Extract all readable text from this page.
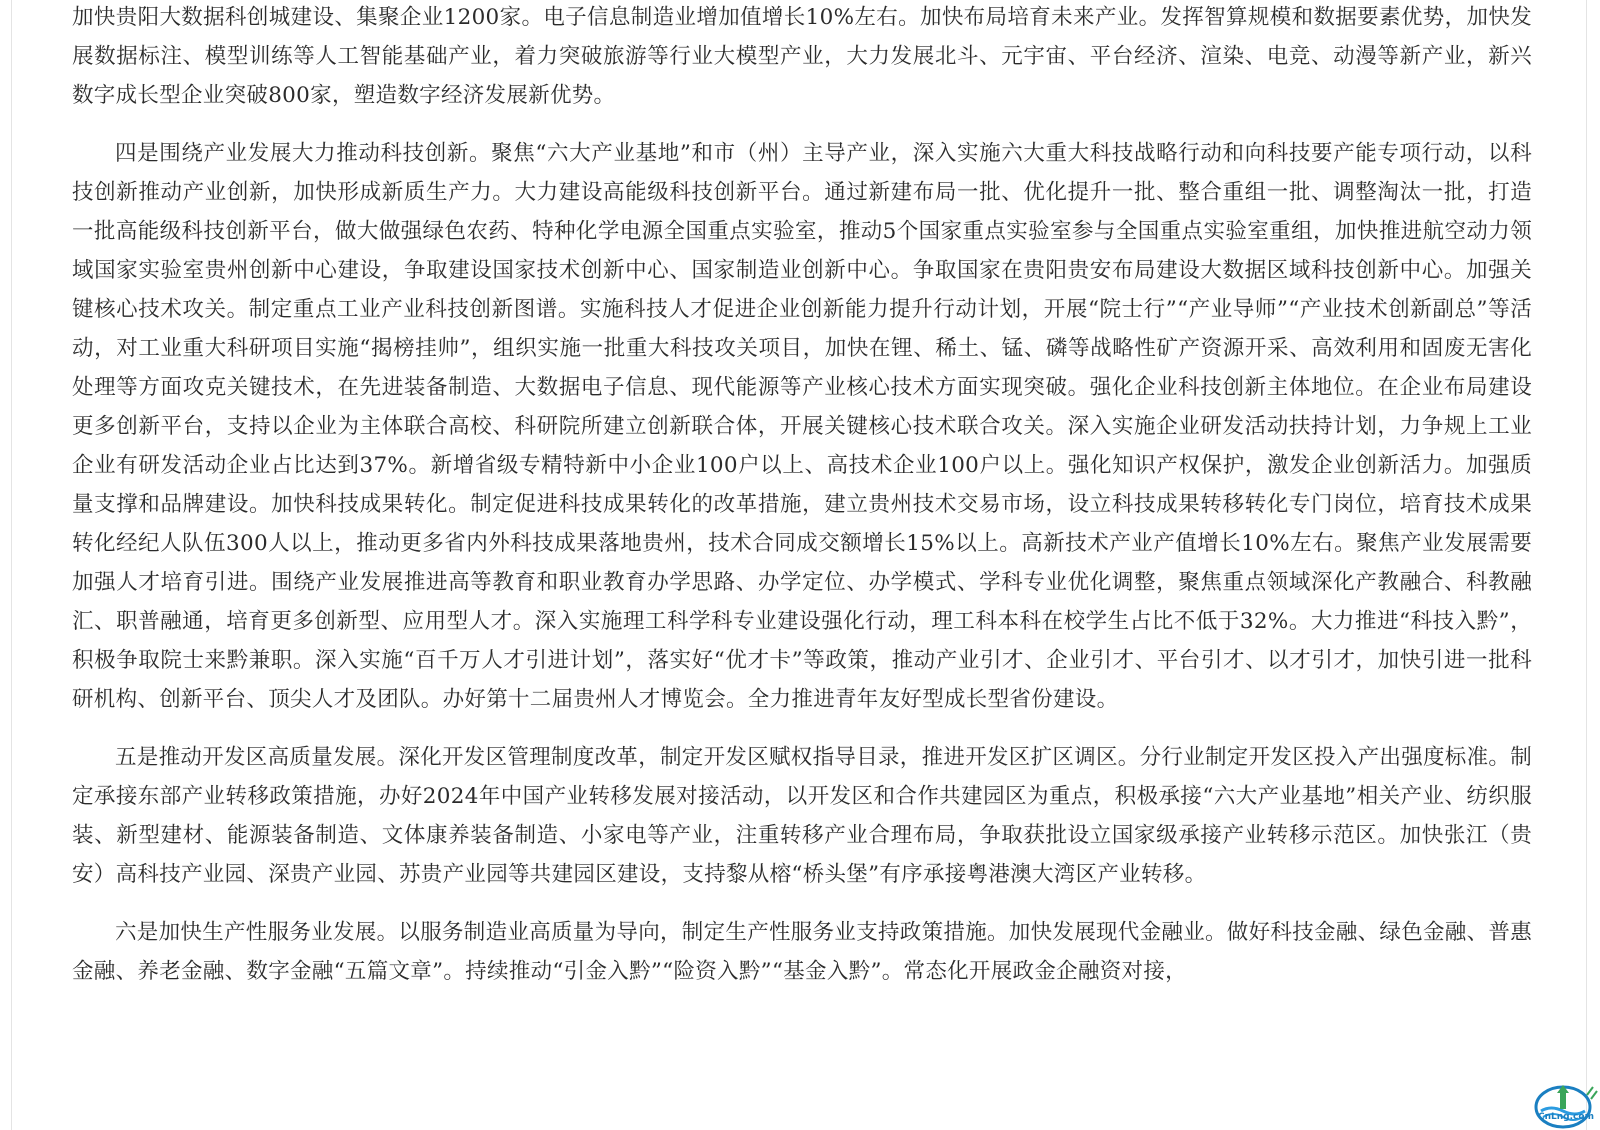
加快贵阳大数据科创城建设、集聚企业1200家。电子信息制造业增加值增长10%左右。加快布局培育未来产业。发挥智算规模和数据要素优势，加快发展数据标注、模型训练等人工智能基础产业，着力突破旅游等行业大模型产业，大力发展北斗、元宇宙、平台经济、渲染、电竞、动漫等新产业，新兴数字成长型企业突破800家，塑造数字经济发展新优势。

四是围绕产业发展大力推动科技创新。聚焦“六大产业基地”和市（州）主导产业，深入实施六大重大科技战略行动和向科技要产能专项行动，以科技创新推动产业创新，加快形成新质生产力。大力建设高能级科技创新平台。通过新建布局一批、优化提升一批、整合重组一批、调整淘汰一批，打造一批高能级科技创新平台，做大做强绿色农药、特种化学电源全国重点实验室，推动5个国家重点实验室参与全国重点实验室重组，加快推进航空动力领域国家实验室贵州创新中心建设，争取建设国家技术创新中心、国家制造业创新中心。争取国家在贵阳贵安布局建设大数据区域科技创新中心。加强关键核心技术攻关。制定重点工业产业科技创新图谱。实施科技人才促进企业创新能力提升行动计划，开展“院士行”“产业导师”“产业技术创新副总”等活动，对工业重大科研项目实施“揭榜挂帅”，组织实施一批重大科技攻关项目，加快在锂、稀土、锰、磷等战略性矿产资源开采、高效利用和固废无害化处理等方面攻克关键技术，在先进装备制造、大数据电子信息、现代能源等产业核心技术方面实现突破。强化企业科技创新主体地位。在企业布局建设更多创新平台，支持以企业为主体联合高校、科研院所建立创新联合体，开展关键核心技术联合攻关。深入实施企业研发活动扶持计划，力争规上工业企业有研发活动企业占比达到37%。新增省级专精特新中小企业100户以上、高技术企业100户以上。强化知识产权保护，激发企业创新活力。加强质量支撑和品牌建设。加快科技成果转化。制定促进科技成果转化的改革措施，建立贵州技术交易市场，设立科技成果转移转化专门岗位，培育技术成果转化经纪人队伍300人以上，推动更多省内外科技成果落地贵州，技术合同成交额增长15%以上。高新技术产业产值增长10%左右。聚焦产业发展需要加强人才培育引进。围绕产业发展推进高等教育和职业教育办学思路、办学定位、办学模式、学科专业优化调整，聚焦重点领域深化产教融合、科教融汇、职普融通，培育更多创新型、应用型人才。深入实施理工科学科专业建设强化行动，理工科本科在校学生占比不低于32%。大力推进“科技入黔”，积极争取院士来黔兼职。深入实施“百千万人才引进计划”，落实好“优才卡”等政策，推动产业引才、企业引才、平台引才、以才引才，加快引进一批科研机构、创新平台、顶尖人才及团队。办好第十二届贵州人才博览会。全力推进青年友好型成长型省份建设。

五是推动开发区高质量发展。深化开发区管理制度改革，制定开发区赋权指导目录，推进开发区扩区调区。分行业制定开发区投入产出强度标准。制定承接东部产业转移政策措施，办好2024年中国产业转移发展对接活动，以开发区和合作共建园区为重点，积极承接“六大产业基地”相关产业、纺织服装、新型建材、能源装备制造、文体康养装备制造、小家电等产业，注重转移产业合理布局，争取获批设立国家级承接产业转移示范区。加快张江（贵安）高科技产业园、深贵产业园、苏贵产业园等共建园区建设，支持黎从榕“桥头堡”有序承接粤港澳大湾区产业转移。

六是加快生产性服务业发展。以服务制造业高质量为导向，制定生产性服务业支持政策措施。加快发展现代金融业。做好科技金融、绿色金融、普惠金融、养老金融、数字金融“五篇文章”。持续推动“引金入黔”“险资入黔”“基金入黔”。常态化开展政金企融资对接，

CnLng.com
